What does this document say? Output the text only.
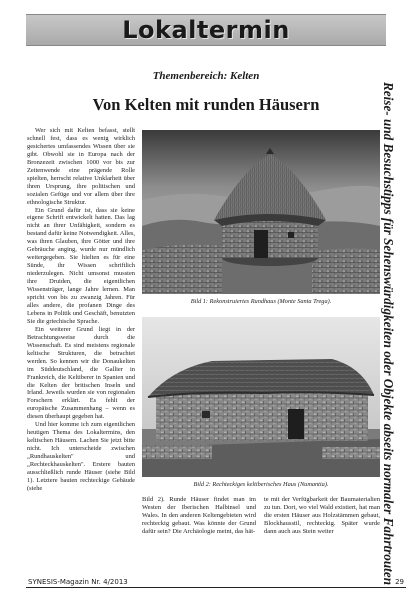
Lokaltermin
Themenbereich: Kelten
Von Kelten mit runden Häusern

Wer sich mit Kelten befasst, stellt schnell fest, dass es wenig wirklich gesichertes umfassendes Wissen über sie gibt. Obwohl sie in Europa nach der Bronzezeit zwischen 1000 vor bis zur Zeitenwende eine prägende Rolle spielten, herrscht relative Unklarheit über ihren Ursprung, ihre politischen und sozialen Gefüge und vor allem über ihre ethnologische Struktur.

Ein Grund dafür ist, dass sie keine eigene Schrift entwickelt hatten. Das lag nicht an ihrer Unfähigkeit, sondern es bestand dafür keine Notwendigkeit. Alles, was ihren Glauben, ihre Götter und ihre Gebräuche anging, wurde nur mündlich weitergegeben. Sie hielten es für eine Sünde, ihr Wissen schriftlich niederzulegen. Nicht umsonst mussten ihre Druiden, die eigentlichen Wissensträger, lange Jahre lernen. Man spricht von bis zu zwanzig Jahren. Für alles andere, die profanen Dinge des Lebens in Politik und Geschäft, benutzten Sie die griechische Sprache.

Ein weiterer Grund liegt in der Betrachtungsweise durch die Wissenschaft. Es sind meistens regionale keltische Strukturen, die betrachtet werden. So kennen wir die Donaukelten im Süddeutschland, die Gallier in Frankreich, die Keltiberer in Spanien und die Kelten der britischen Inseln und Irland. Jeweils wurden sie von regionalen Forschern erklärt. Es fehlt der europäische Zusammenhang – wenn es diesen überhaupt gegeben hat.

Und hier komme ich zum eigentlichen heutigen Thema des Lokaltermins, den keltischen Häusern. Lachen Sie jetzt bitte nicht. Ich unterscheide zwischen „Rundhauskelten" und „Rechteckhauskelten". Erstere bauten ausschließlich runde Häuser (siehe Bild 1). Letztere bauten rechteckige Gebäude (siehe

Bild 1: Rekonstruiertes Rundhaus (Monte Santa Trega).
Bild 2: Rechteckiges keltiberisches Haus (Numantia).
Bild 2). Runde Häuser findet man im Westen der Iberischen Halbinsel und Wales. In den anderen Keltengebieten wird rechteckig gebaut. Was könnte der Grund dafür sein? Die Archäologie meint, das hät-
te mit der Verfügbarkeit der Baumaterialien zu tun. Dort, wo viel Wald existiert, hat man die ersten Häuser aus Holzstämmen gebaut, Blockhausstil, rechteckig. Später wurde dann auch aus Stein weiter	Reise- und Besuchstipps für Sehenswürdigkeiten oder Objekte abseits normaler Fahrtrouten
SYNESIS-Magazin Nr. 4/2013	29
